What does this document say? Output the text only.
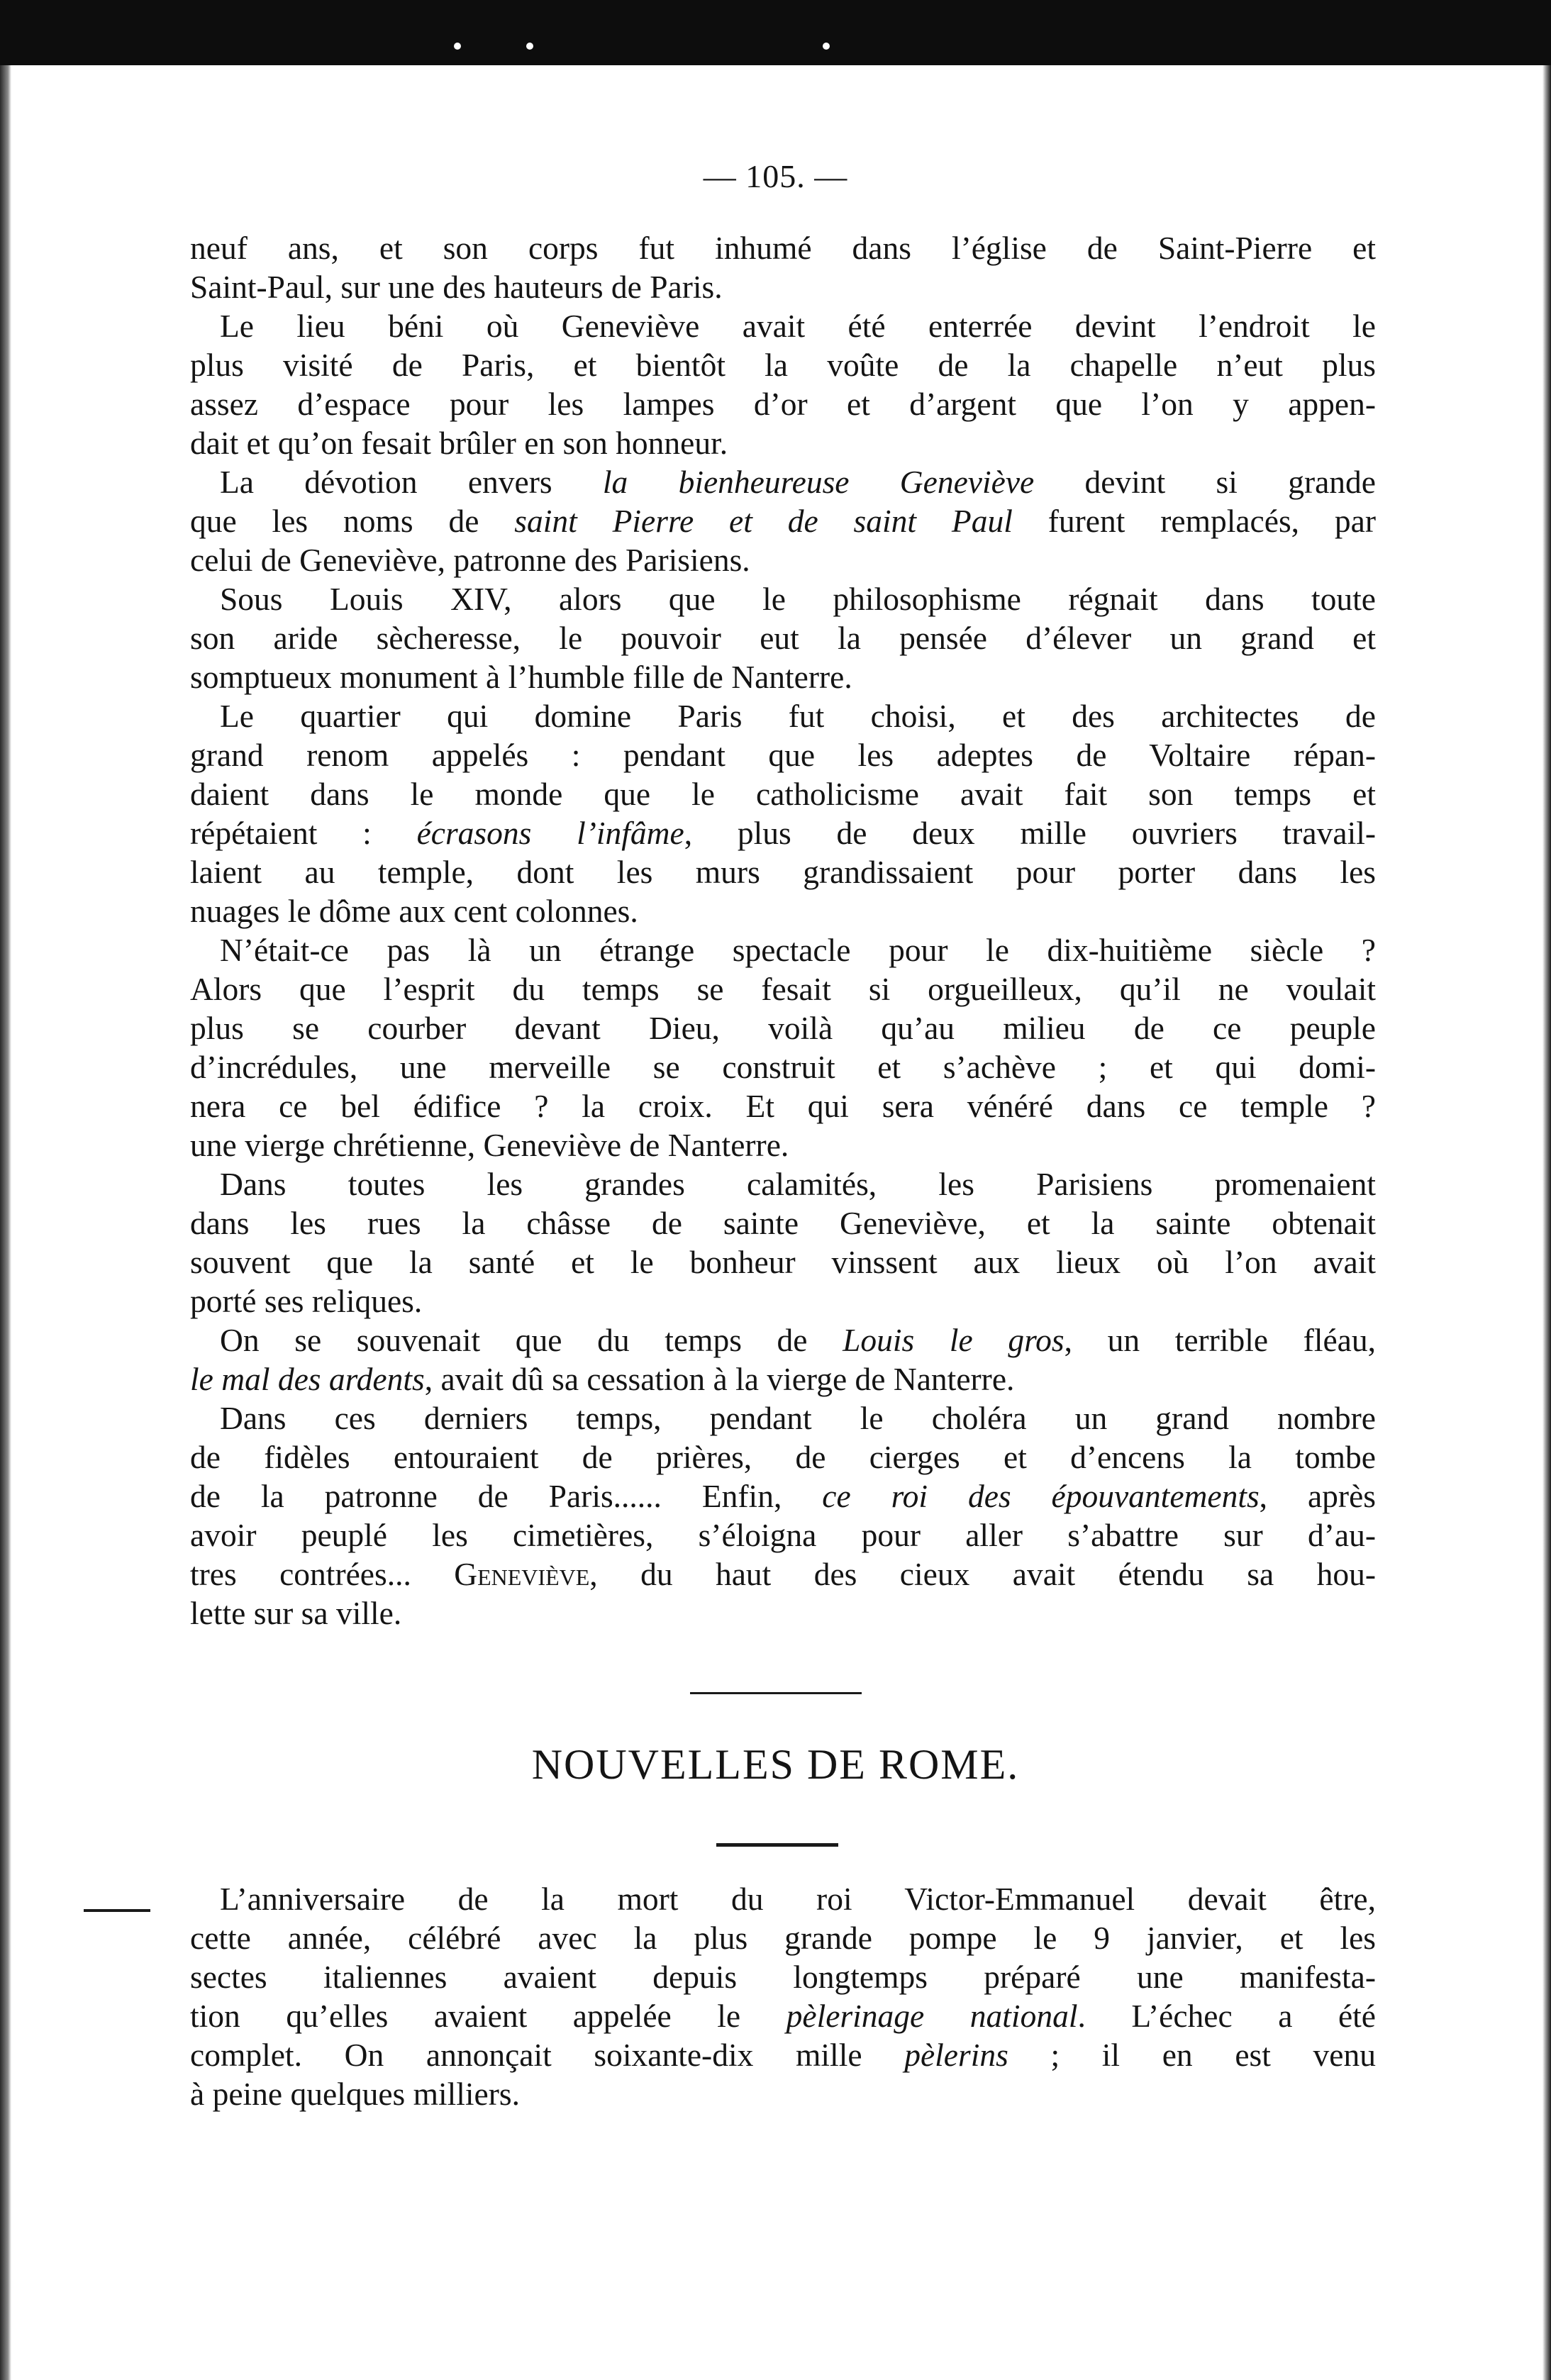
— 105. —
neuf ans, et son corps fut inhumé dans l’église de Saint-Pierre et
Saint-Paul, sur une des hauteurs de Paris.
Le lieu béni où Geneviève avait été enterrée devint l’endroit le
plus visité de Paris, et bientôt la voûte de la chapelle n’eut plus
assez d’espace pour les lampes d’or et d’argent que l’on y appen-
dait et qu’on fesait brûler en son honneur.
La dévotion envers la bienheureuse Geneviève devint si grande
que les noms de saint Pierre et de saint Paul furent remplacés, par
celui de Geneviève, patronne des Parisiens.
Sous Louis XIV, alors que le philosophisme régnait dans toute
son aride sècheresse, le pouvoir eut la pensée d’élever un grand et
somptueux monument à l’humble fille de Nanterre.
Le quartier qui domine Paris fut choisi, et des architectes de
grand renom appelés : pendant que les adeptes de Voltaire répan-
daient dans le monde que le catholicisme avait fait son temps et
répétaient : écrasons l’infâme, plus de deux mille ouvriers travail-
laient au temple, dont les murs grandissaient pour porter dans les
nuages le dôme aux cent colonnes.
N’était-ce pas là un étrange spectacle pour le dix-huitième siècle ?
Alors que l’esprit du temps se fesait si orgueilleux, qu’il ne voulait
plus se courber devant Dieu, voilà qu’au milieu de ce peuple
d’incrédules, une merveille se construit et s’achève ; et qui domi-
nera ce bel édifice ? la croix. Et qui sera vénéré dans ce temple ?
une vierge chrétienne, Geneviève de Nanterre.
Dans toutes les grandes calamités, les Parisiens promenaient
dans les rues la châsse de sainte Geneviève, et la sainte obtenait
souvent que la santé et le bonheur vinssent aux lieux où l’on avait
porté ses reliques.
On se souvenait que du temps de Louis le gros, un terrible fléau,
le mal des ardents, avait dû sa cessation à la vierge de Nanterre.
Dans ces derniers temps, pendant le choléra un grand nombre
de fidèles entouraient de prières, de cierges et d’encens la tombe
de la patronne de Paris...... Enfin, ce roi des épouvantements, après
avoir peuplé les cimetières, s’éloigna pour aller s’abattre sur d’au-
tres contrées... Geneviève, du haut des cieux avait étendu sa hou-
lette sur sa ville.
NOUVELLES DE ROME.
L’anniversaire de la mort du roi Victor-Emmanuel devait être,
cette année, célébré avec la plus grande pompe le 9 janvier, et les
sectes italiennes avaient depuis longtemps préparé une manifesta-
tion qu’elles avaient appelée le pèlerinage national. L’échec a été
complet. On annonçait soixante-dix mille pèlerins ; il en est venu
à peine quelques milliers.
